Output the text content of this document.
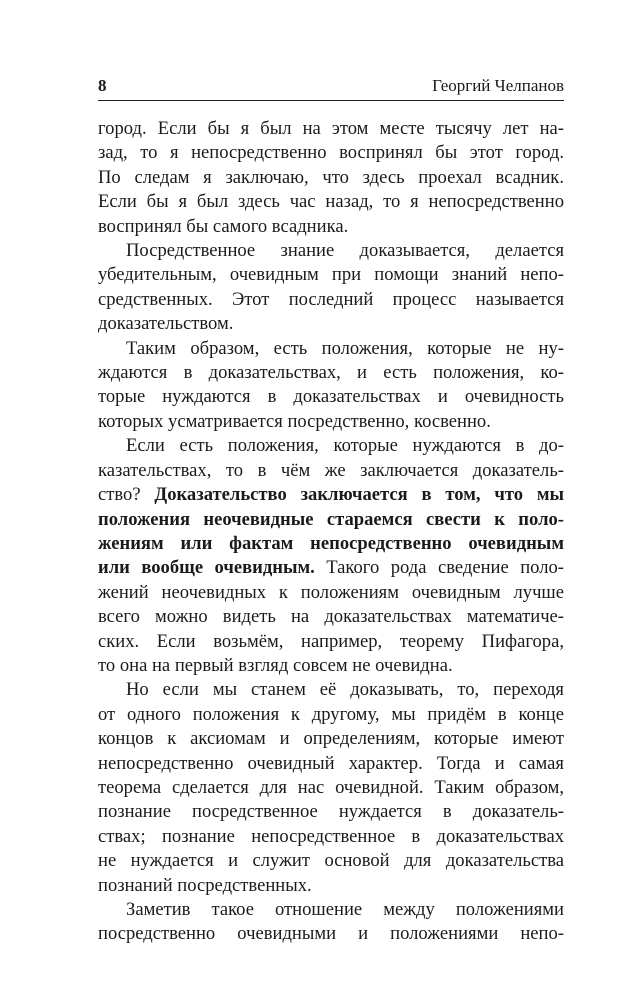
8	Георгий Челпанов
город. Если бы я был на этом месте тысячу лет на-
зад, то я непосредственно воспринял бы этот город.
По следам я заключаю, что здесь проехал всадник.
Если бы я был здесь час назад, то я непосредственно
воспринял бы самого всадника.
Посредственное знание доказывается, делается
убедительным, очевидным при помощи знаний непо-
средственных. Этот последний процесс называется
доказательством.
Таким образом, есть положения, которые не ну-
ждаются в доказательствах, и есть положения, ко-
торые нуждаются в доказательствах и очевидность
которых усматривается посредственно, косвенно.
Если есть положения, которые нуждаются в до-
казательствах, то в чём же заключается доказатель-
ство? Доказательство заключается в том, что мы
положения неочевидные стараемся свести к поло-
жениям или фактам непосредственно очевидным
или вообще очевидным. Такого рода сведение поло-
жений неочевидных к положениям очевидным лучше
всего можно видеть на доказательствах математиче-
ских. Если возьмём, например, теорему Пифагора,
то она на первый взгляд совсем не очевидна.
Но если мы станем её доказывать, то, переходя
от одного положения к другому, мы придём в конце
концов к аксиомам и определениям, которые имеют
непосредственно очевидный характер. Тогда и самая
теорема сделается для нас очевидной. Таким образом,
познание посредственное нуждается в доказатель-
ствах; познание непосредственное в доказательствах
не нуждается и служит основой для доказательства
познаний посредственных.
Заметив такое отношение между положениями
посредственно очевидными и положениями непо-
